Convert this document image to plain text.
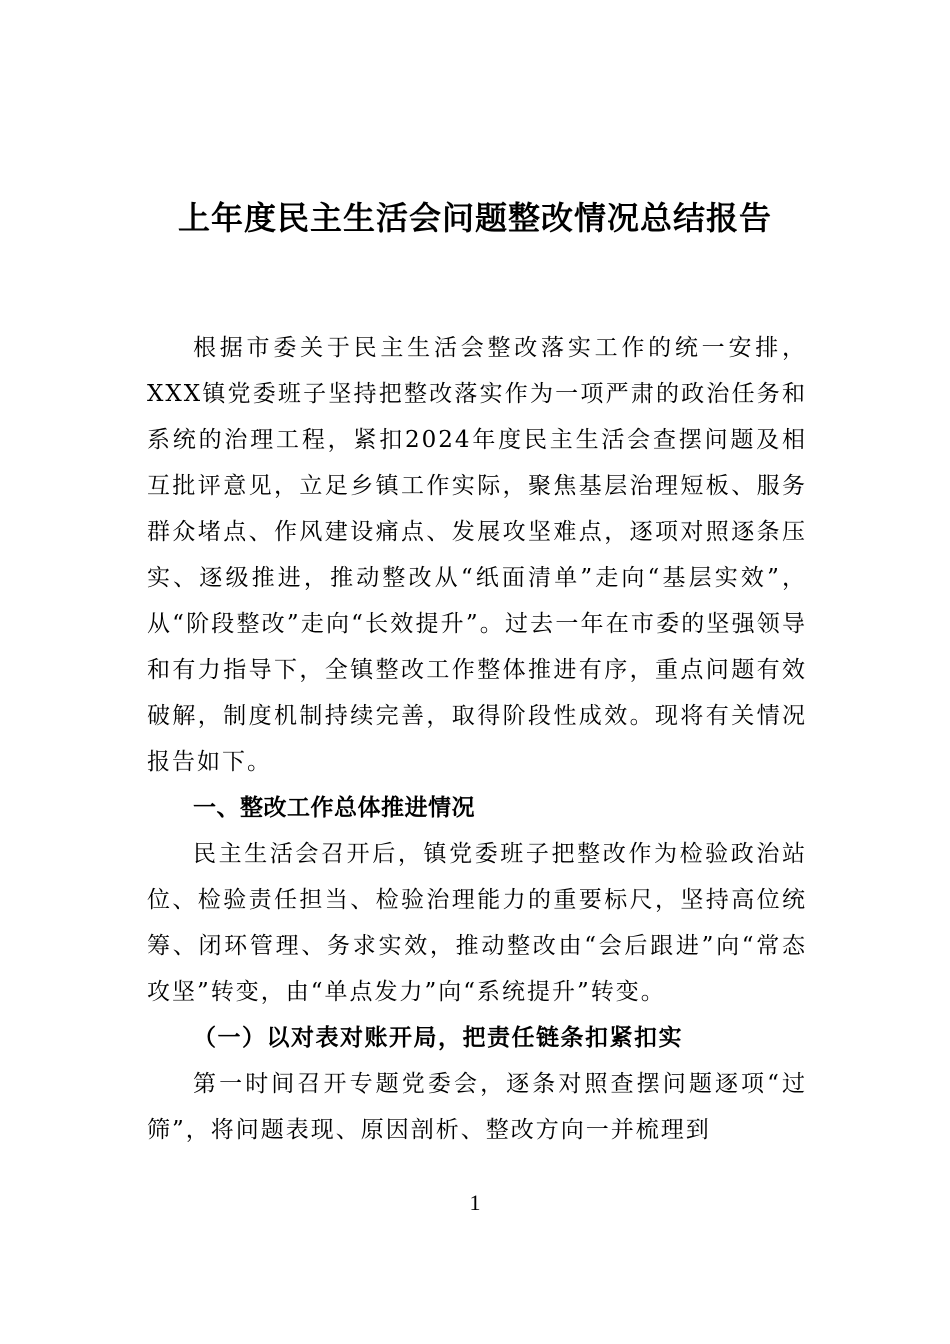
上年度民主生活会问题整改情况总结报告

根据市委关于民主生活会整改落实工作的统一安排，XXX镇党委班子坚持把整改落实作为一项严肃的政治任务和系统的治理工程，紧扣2024年度民主生活会查摆问题及相互批评意见，立足乡镇工作实际，聚焦基层治理短板、服务群众堵点、作风建设痛点、发展攻坚难点，逐项对照逐条压实、逐级推进，推动整改从“纸面清单”走向“基层实效”，从“阶段整改”走向“长效提升”。过去一年在市委的坚强领导和有力指导下，全镇整改工作整体推进有序，重点问题有效破解，制度机制持续完善，取得阶段性成效。现将有关情况报告如下。

一、整改工作总体推进情况

民主生活会召开后，镇党委班子把整改作为检验政治站位、检验责任担当、检验治理能力的重要标尺，坚持高位统筹、闭环管理、务求实效，推动整改由“会后跟进”向“常态攻坚”转变，由“单点发力”向“系统提升”转变。

（一）以对表对账开局，把责任链条扣紧扣实

第一时间召开专题党委会，逐条对照查摆问题逐项“过筛”，将问题表现、原因剖析、整改方向一并梳理到

1
